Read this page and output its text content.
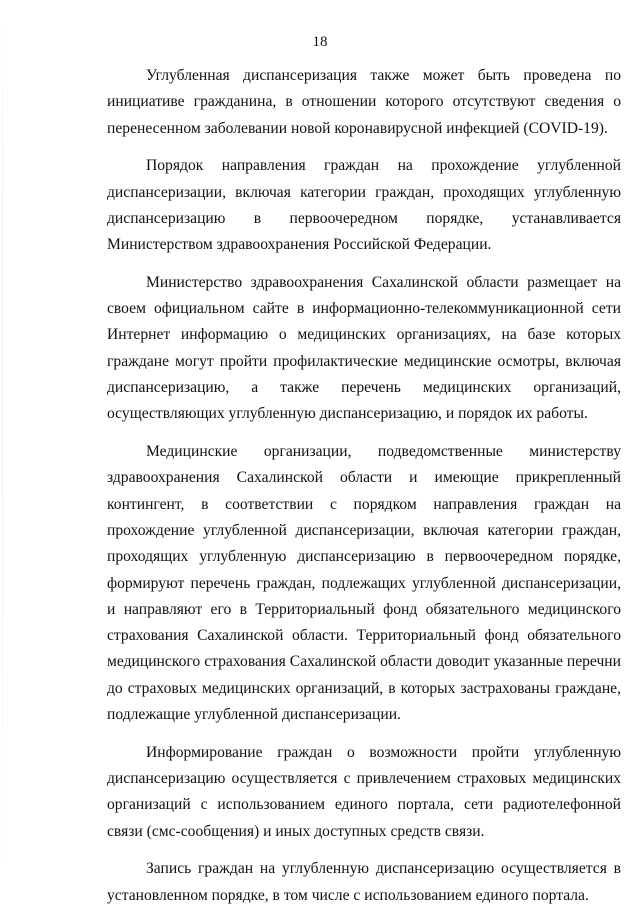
18

Углубленная диспансеризация также может быть проведена по инициативе гражданина, в отношении которого отсутствуют сведения о перенесенном заболевании новой коронавирусной инфекцией (COVID-19).

Порядок направления граждан на прохождение углубленной диспансеризации, включая категории граждан, проходящих углубленную диспансеризацию в первоочередном порядке, устанавливается Министерством здравоохранения Российской Федерации.

Министерство здравоохранения Сахалинской области размещает на своем официальном сайте в информационно-телекоммуникационной сети Интернет информацию о медицинских организациях, на базе которых граждане могут пройти профилактические медицинские осмотры, включая диспансеризацию, а также перечень медицинских организаций, осуществляющих углубленную диспансеризацию, и порядок их работы.

Медицинские организации, подведомственные министерству здравоохранения Сахалинской области и имеющие прикрепленный контингент, в соответствии с порядком направления граждан на прохождение углубленной диспансеризации, включая категории граждан, проходящих углубленную диспансеризацию в первоочередном порядке, формируют перечень граждан, подлежащих углубленной диспансеризации, и направляют его в Территориальный фонд обязательного медицинского страхования Сахалинской области. Территориальный фонд обязательного медицинского страхования Сахалинской области доводит указанные перечни до страховых медицинских организаций, в которых застрахованы граждане, подлежащие углубленной диспансеризации.

Информирование граждан о возможности пройти углубленную диспансеризацию осуществляется с привлечением страховых медицинских организаций с использованием единого портала, сети радиотелефонной связи (смс-сообщения) и иных доступных средств связи.

Запись граждан на углубленную диспансеризацию осуществляется в установленном порядке, в том числе с использованием единого портала.
